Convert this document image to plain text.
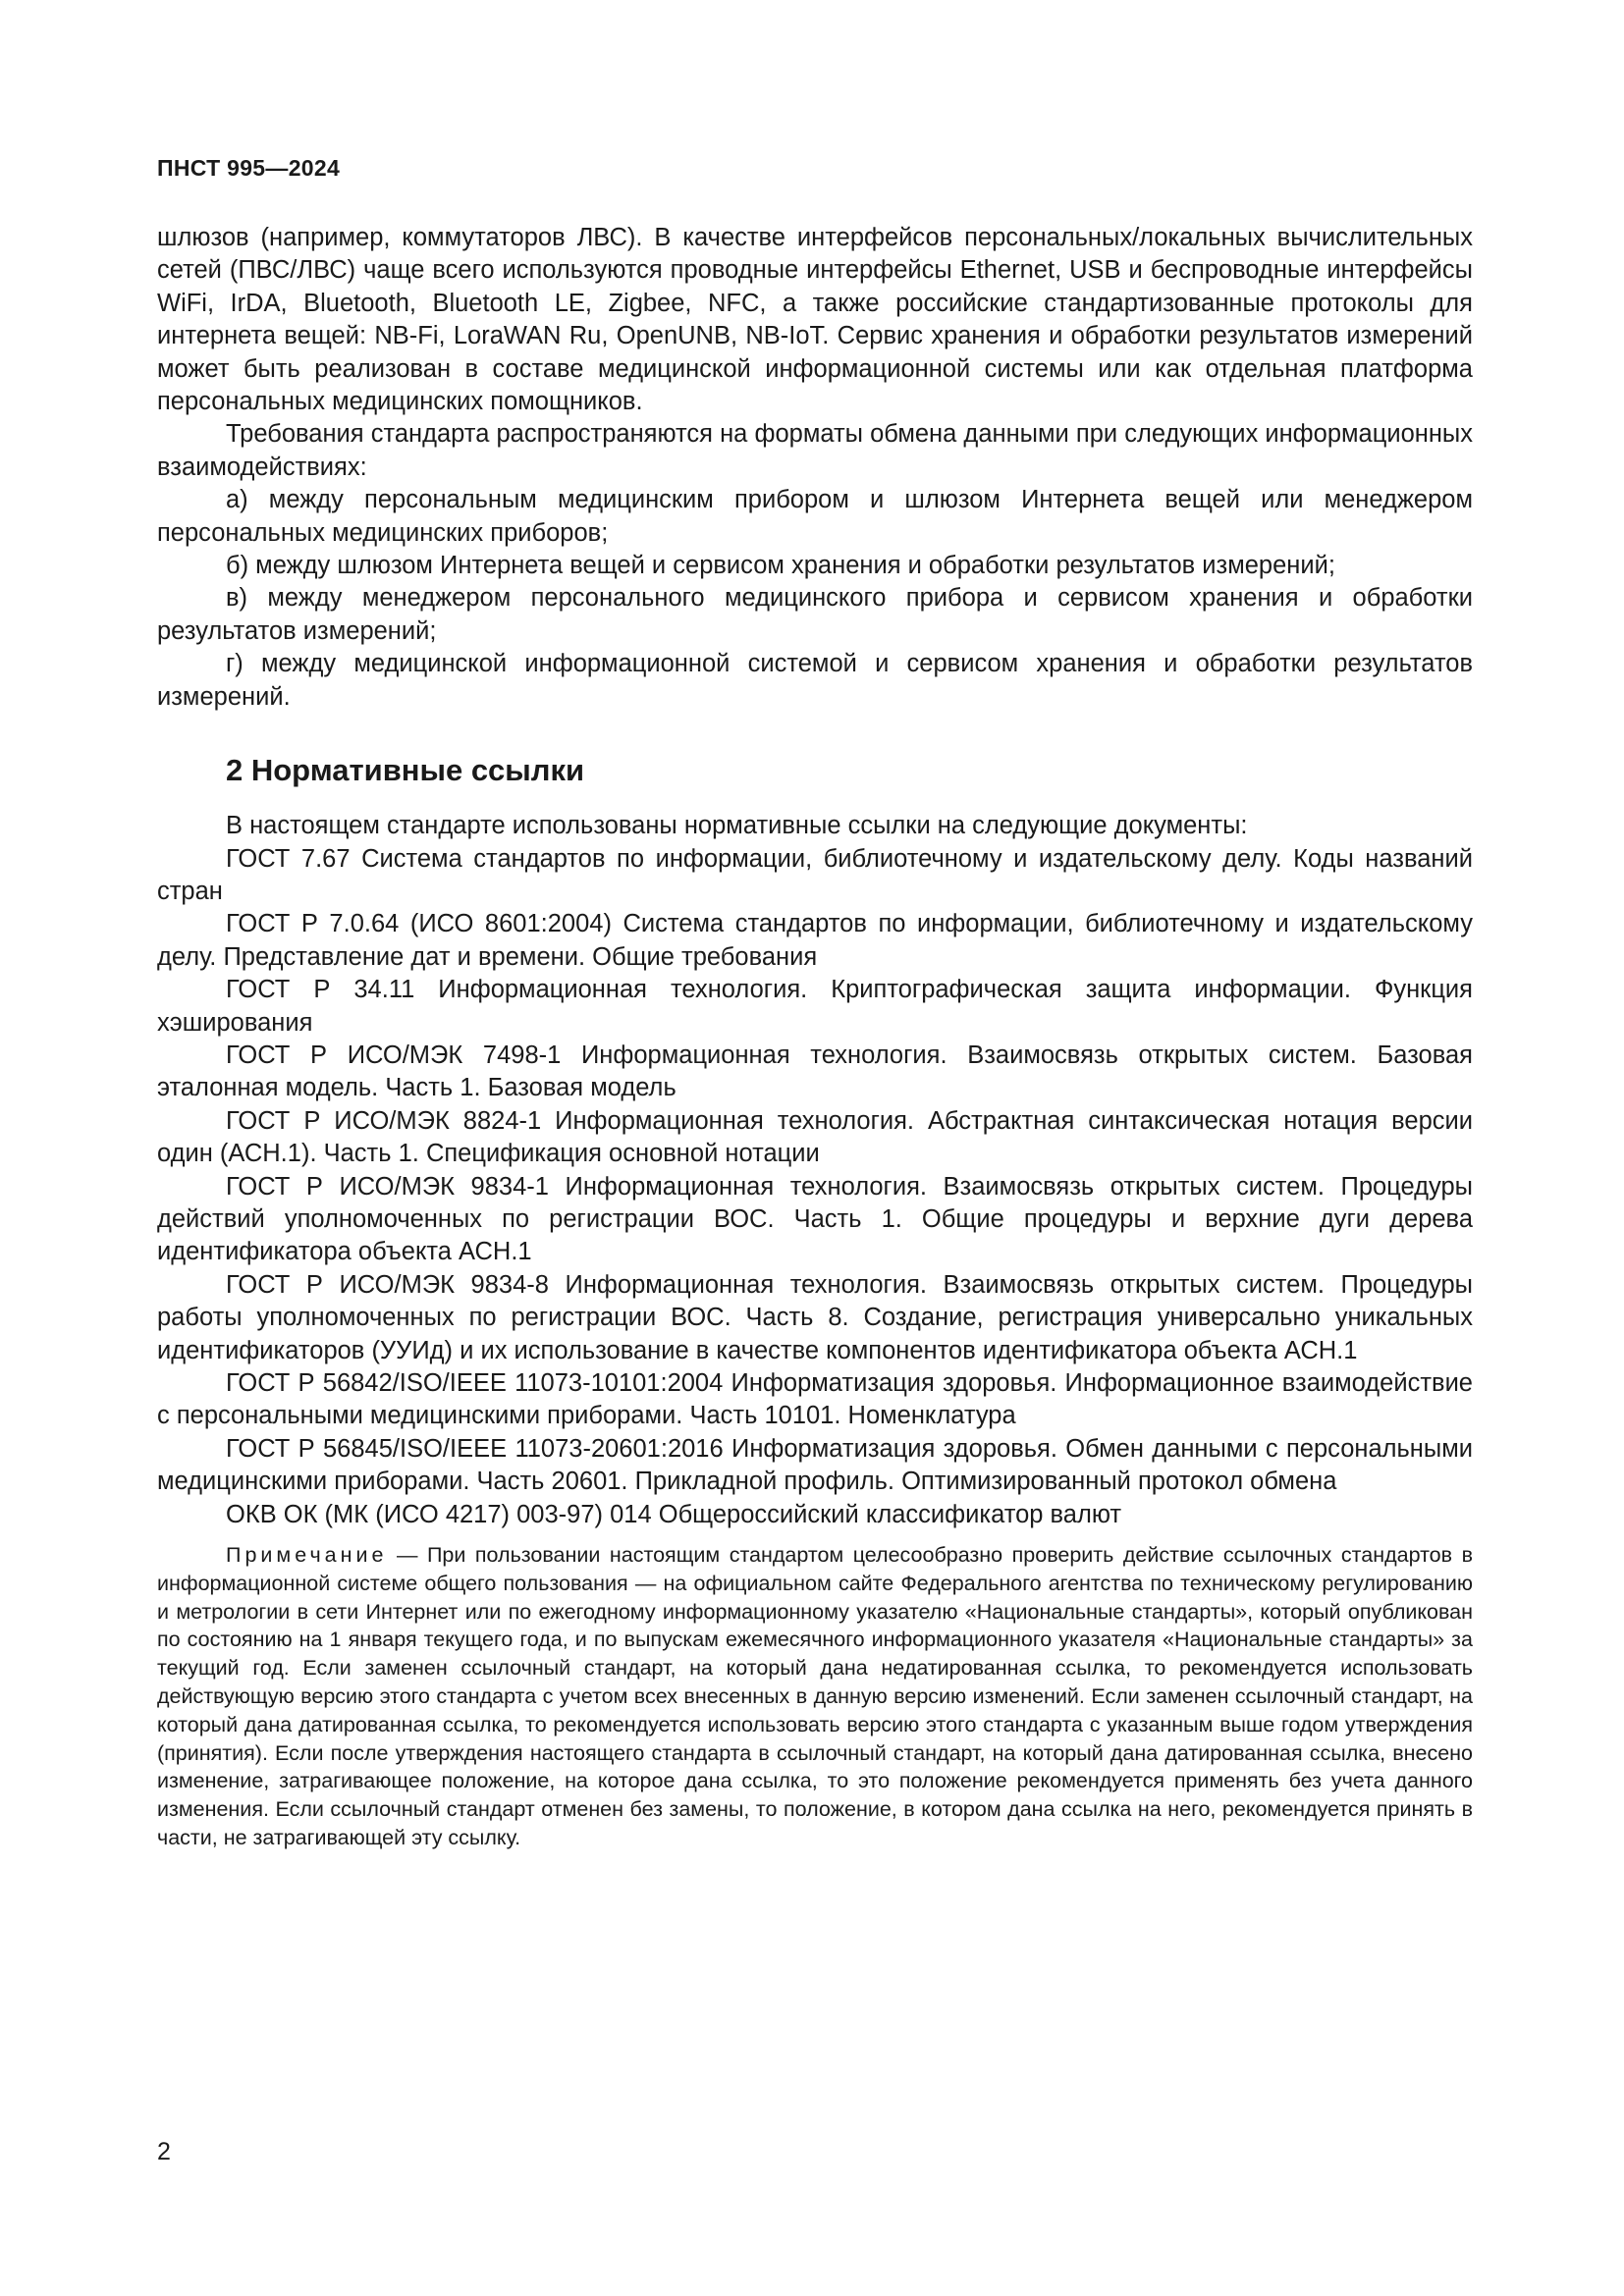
ПНСТ 995—2024

шлюзов (например, коммутаторов ЛВС). В качестве интерфейсов персональных/локальных вычислительных сетей (ПВС/ЛВС) чаще всего используются проводные интерфейсы Ethernet, USB и беспроводные интерфейсы WiFi, IrDA, Bluetooth, Bluetooth LE, Zigbee, NFC, а также российские стандартизованные протоколы для интернета вещей: NB-Fi, LoraWAN Ru, OpenUNB, NB-IoT. Сервис хранения и обработки результатов измерений может быть реализован в составе медицинской информационной системы или как отдельная платформа персональных медицинских помощников.

Требования стандарта распространяются на форматы обмена данными при следующих информационных взаимодействиях:

а) между персональным медицинским прибором и шлюзом Интернета вещей или менеджером персональных медицинских приборов;

б) между шлюзом Интернета вещей и сервисом хранения и обработки результатов измерений;

в) между менеджером персонального медицинского прибора и сервисом хранения и обработки результатов измерений;

г) между медицинской информационной системой и сервисом хранения и обработки результатов измерений.

2 Нормативные ссылки

В настоящем стандарте использованы нормативные ссылки на следующие документы:

ГОСТ 7.67 Система стандартов по информации, библиотечному и издательскому делу. Коды названий стран

ГОСТ Р 7.0.64 (ИСО 8601:2004) Система стандартов по информации, библиотечному и издательскому делу. Представление дат и времени. Общие требования

ГОСТ Р 34.11 Информационная технология. Криптографическая защита информации. Функция хэширования

ГОСТ Р ИСО/МЭК 7498-1 Информационная технология. Взаимосвязь открытых систем. Базовая эталонная модель. Часть 1. Базовая модель

ГОСТ Р ИСО/МЭК 8824-1 Информационная технология. Абстрактная синтаксическая нотация версии один (АСН.1). Часть 1. Спецификация основной нотации

ГОСТ Р ИСО/МЭК 9834-1 Информационная технология. Взаимосвязь открытых систем. Процедуры действий уполномоченных по регистрации ВОС. Часть 1. Общие процедуры и верхние дуги дерева идентификатора объекта АСН.1

ГОСТ Р ИСО/МЭК 9834-8 Информационная технология. Взаимосвязь открытых систем. Процедуры работы уполномоченных по регистрации ВОС. Часть 8. Создание, регистрация универсально уникальных идентификаторов (УУИд) и их использование в качестве компонентов идентификатора объекта АСН.1

ГОСТ Р 56842/ISO/IEEE 11073-10101:2004 Информатизация здоровья. Информационное взаимодействие с персональными медицинскими приборами. Часть 10101. Номенклатура

ГОСТ Р 56845/ISO/IEEE 11073-20601:2016 Информатизация здоровья. Обмен данными с персональными медицинскими приборами. Часть 20601. Прикладной профиль. Оптимизированный протокол обмена

ОКВ ОК (МК (ИСО 4217) 003-97) 014 Общероссийский классификатор валют

Примечание — При пользовании настоящим стандартом целесообразно проверить действие ссылочных стандартов в информационной системе общего пользования — на официальном сайте Федерального агентства по техническому регулированию и метрологии в сети Интернет или по ежегодному информационному указателю «Национальные стандарты», который опубликован по состоянию на 1 января текущего года, и по выпускам ежемесячного информационного указателя «Национальные стандарты» за текущий год. Если заменен ссылочный стандарт, на который дана недатированная ссылка, то рекомендуется использовать действующую версию этого стандарта с учетом всех внесенных в данную версию изменений. Если заменен ссылочный стандарт, на который дана датированная ссылка, то рекомендуется использовать версию этого стандарта с указанным выше годом утверждения (принятия). Если после утверждения настоящего стандарта в ссылочный стандарт, на который дана датированная ссылка, внесено изменение, затрагивающее положение, на которое дана ссылка, то это положение рекомендуется применять без учета данного изменения. Если ссылочный стандарт отменен без замены, то положение, в котором дана ссылка на него, рекомендуется принять в части, не затрагивающей эту ссылку.

2
